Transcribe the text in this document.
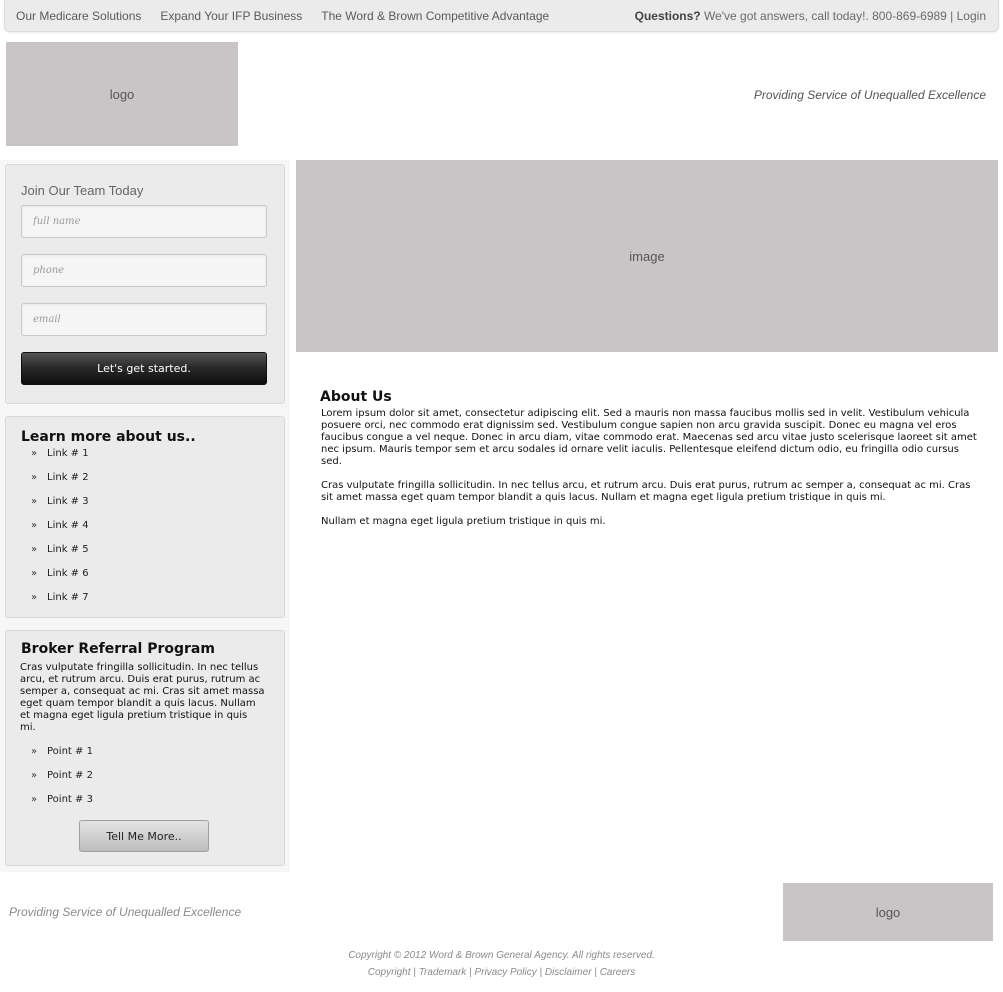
Our Medicare Solutions Expand Your IFP Business The Word & Brown Competitive Advantage	Questions? We've got answers, call today!. 800-869-6989 | Login
logo	Providing Service of Unequalled Excellence
Join Our Team Today
full name
phone
email
Let's get started.
Learn more about us..
» Link # 1
» Link # 2
» Link # 3
» Link # 4
» Link # 5
» Link # 6
» Link # 7
Broker Referral Program
Cras vulputate fringilla sollicitudin. In nec tellus arcu, et rutrum arcu. Duis erat purus, rutrum ac semper a, consequat ac mi. Cras sit amet massa eget quam tempor blandit a quis lacus. Nullam et magna eget ligula pretium tristique in quis mi.
» Point # 1
» Point # 2
» Point # 3
Tell Me More..
image
About Us

Lorem ipsum dolor sit amet, consectetur adipiscing elit. Sed a mauris non massa faucibus mollis sed in velit. Vestibulum vehicula posuere orci, nec commodo erat dignissim sed. Vestibulum congue sapien non arcu gravida suscipit. Donec eu magna vel eros faucibus congue a vel neque. Donec in arcu diam, vitae commodo erat. Maecenas sed arcu vitae justo scelerisque laoreet sit amet nec ipsum. Mauris tempor sem et arcu sodales id ornare velit iaculis. Pellentesque eleifend dictum odio, eu fringilla odio cursus sed.

Cras vulputate fringilla sollicitudin. In nec tellus arcu, et rutrum arcu. Duis erat purus, rutrum ac semper a, consequat ac mi. Cras sit amet massa eget quam tempor blandit a quis lacus. Nullam et magna eget ligula pretium tristique in quis mi.

Nullam et magna eget ligula pretium tristique in quis mi.

Providing Service of Unequalled Excellence	logo
Copyright © 2012 Word & Brown General Agency. All rights reserved.
Copyright | Trademark | Privacy Policy | Disclaimer | Careers
